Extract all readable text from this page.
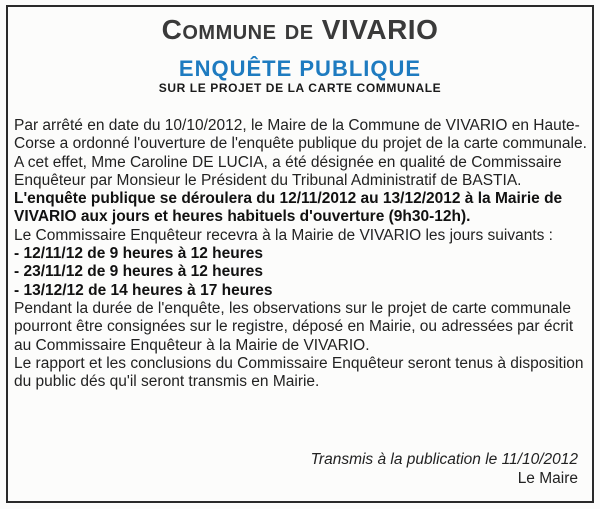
Commune de VIVARIO
ENQUÊTE PUBLIQUE
SUR LE PROJET DE LA CARTE COMMUNALE

Par arrêté en date du 10/10/2012, le Maire de la Commune de VIVARIO en Haute-
Corse a ordonné l'ouverture de l'enquête publique du projet de la carte communale.
A cet effet, Mme Caroline DE LUCIA, a été désignée en qualité de Commissaire
Enquêteur par Monsieur le Président du Tribunal Administratif de BASTIA.

L'enquête publique se déroulera du 12/11/2012 au 13/12/2012 à la Mairie de
VIVARIO aux jours et heures habituels d'ouverture (9h30-12h).

Le Commissaire Enquêteur recevra à la Mairie de VIVARIO les jours suivants :

- 12/11/12 de 9 heures à 12 heures
- 23/11/12 de 9 heures à 12 heures
- 13/12/12 de 14 heures à 17 heures

Pendant la durée de l'enquête, les observations sur le projet de carte communale
pourront être consignées sur le registre, déposé en Mairie, ou adressées par écrit
au Commissaire Enquêteur à la Mairie de VIVARIO.

Le rapport et les conclusions du Commissaire Enquêteur seront tenus à disposition
du public dés qu'il seront transmis en Mairie.

Transmis à la publication le 11/10/2012
Le Maire
